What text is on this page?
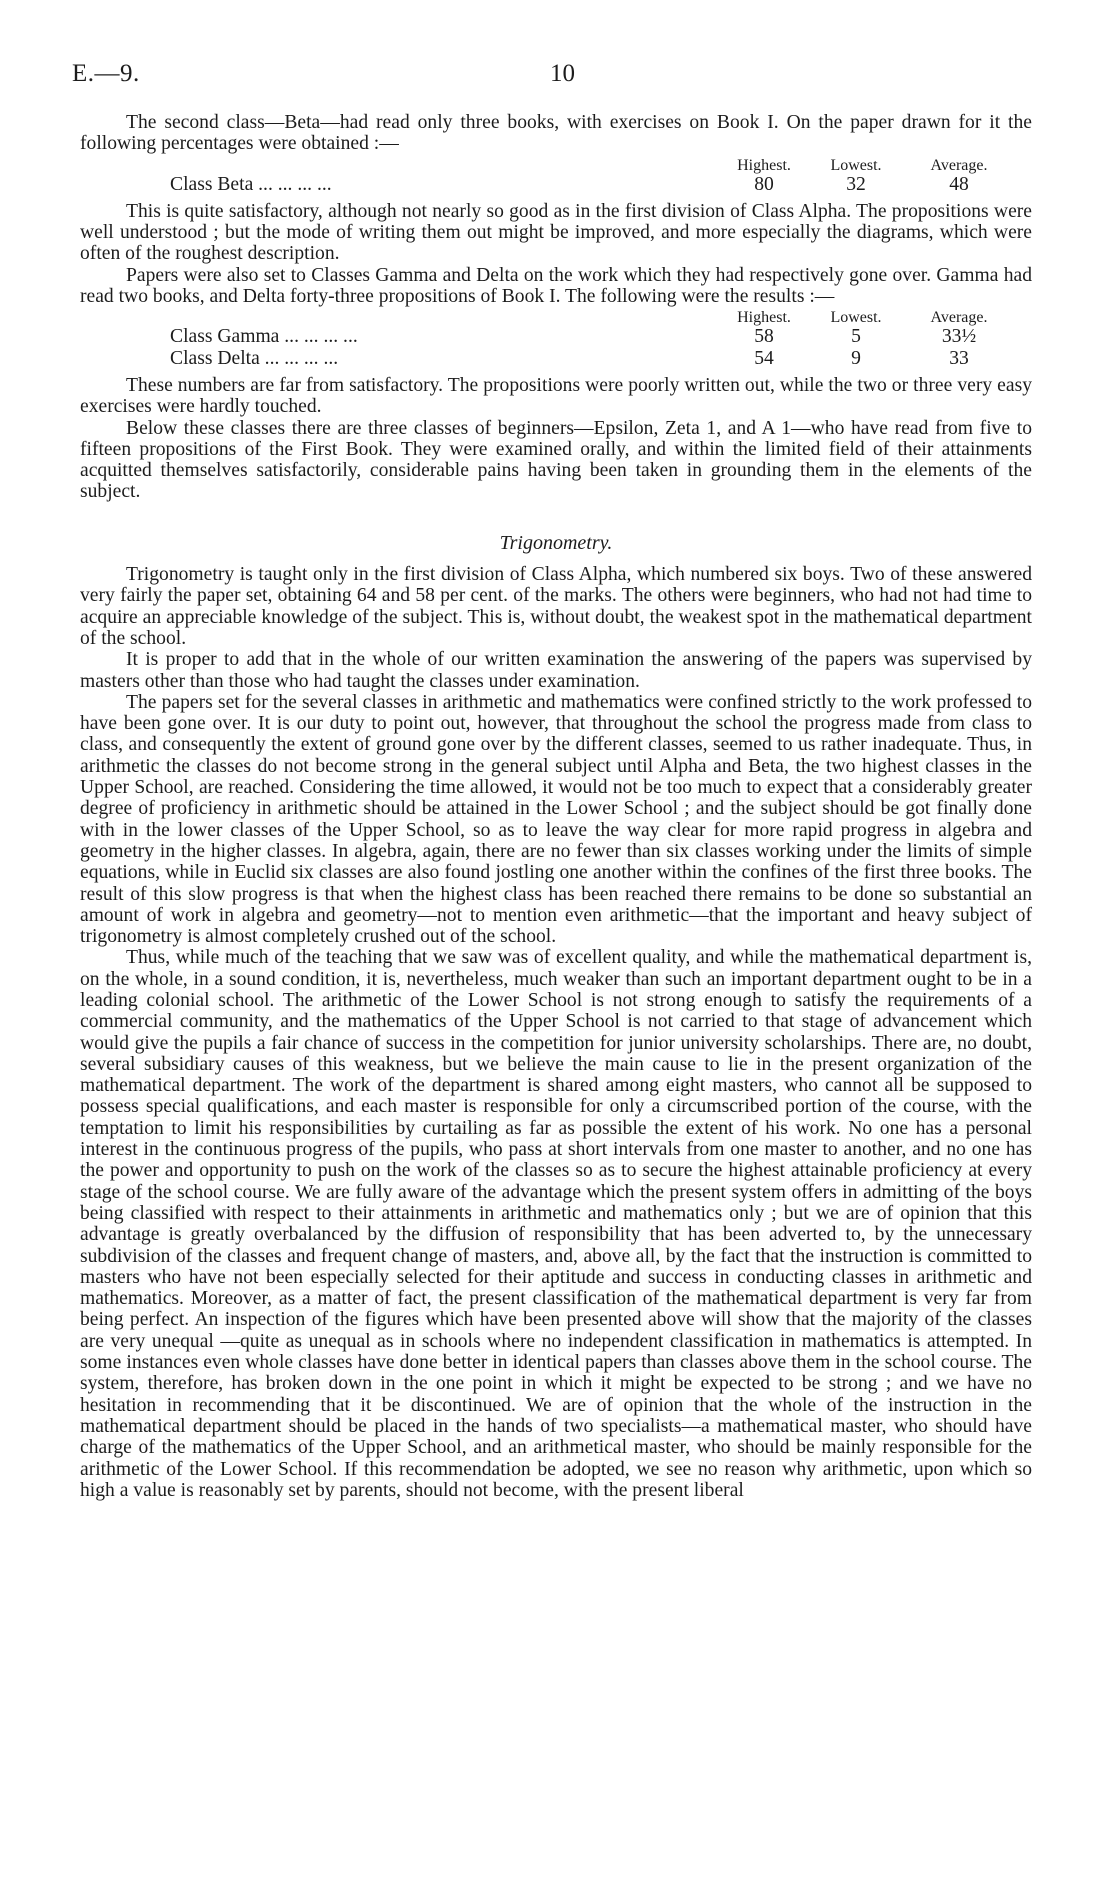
E.—9.	10

The second class—Beta—had read only three books, with exercises on Book I. On the paper drawn for it the following percentages were obtained :—

Highest.	Lowest.	Average.
Class Beta ... ... ... ...	80	32	48

This is quite satisfactory, although not nearly so good as in the first division of Class Alpha. The propositions were well understood ; but the mode of writing them out might be improved, and more especially the diagrams, which were often of the roughest description.

Papers were also set to Classes Gamma and Delta on the work which they had respectively gone over. Gamma had read two books, and Delta forty-three propositions of Book I. The following were the results :—

Highest.	Lowest.	Average.
Class Gamma ... ... ... ...	58	5	33½
Class Delta ... ... ... ...	54	9	33

These numbers are far from satisfactory. The propositions were poorly written out, while the two or three very easy exercises were hardly touched.

Below these classes there are three classes of beginners—Epsilon, Zeta 1, and A 1—who have read from five to fifteen propositions of the First Book. They were examined orally, and within the limited field of their attainments acquitted themselves satisfactorily, considerable pains having been taken in grounding them in the elements of the subject.

Trigonometry.

Trigonometry is taught only in the first division of Class Alpha, which numbered six boys. Two of these answered very fairly the paper set, obtaining 64 and 58 per cent. of the marks. The others were beginners, who had not had time to acquire an appreciable knowledge of the subject. This is, without doubt, the weakest spot in the mathematical department of the school.

It is proper to add that in the whole of our written examination the answering of the papers was supervised by masters other than those who had taught the classes under examination.

The papers set for the several classes in arithmetic and mathematics were confined strictly to the work professed to have been gone over. It is our duty to point out, however, that throughout the school the progress made from class to class, and consequently the extent of ground gone over by the different classes, seemed to us rather inadequate. Thus, in arithmetic the classes do not become strong in the general subject until Alpha and Beta, the two highest classes in the Upper School, are reached. Considering the time allowed, it would not be too much to expect that a considerably greater degree of proficiency in arithmetic should be attained in the Lower School ; and the subject should be got finally done with in the lower classes of the Upper School, so as to leave the way clear for more rapid progress in algebra and geometry in the higher classes. In algebra, again, there are no fewer than six classes working under the limits of simple equations, while in Euclid six classes are also found jostling one another within the confines of the first three books. The result of this slow progress is that when the highest class has been reached there remains to be done so substantial an amount of work in algebra and geometry—not to mention even arithmetic—that the important and heavy subject of trigonometry is almost completely crushed out of the school.

Thus, while much of the teaching that we saw was of excellent quality, and while the mathematical department is, on the whole, in a sound condition, it is, nevertheless, much weaker than such an important department ought to be in a leading colonial school. The arithmetic of the Lower School is not strong enough to satisfy the requirements of a commercial community, and the mathematics of the Upper School is not carried to that stage of advancement which would give the pupils a fair chance of success in the competition for junior university scholarships. There are, no doubt, several subsidiary causes of this weakness, but we believe the main cause to lie in the present organization of the mathematical department. The work of the department is shared among eight masters, who cannot all be supposed to possess special qualifications, and each master is responsible for only a circumscribed portion of the course, with the temptation to limit his responsibilities by curtailing as far as possible the extent of his work. No one has a personal interest in the continuous progress of the pupils, who pass at short intervals from one master to another, and no one has the power and opportunity to push on the work of the classes so as to secure the highest attainable proficiency at every stage of the school course. We are fully aware of the advantage which the present system offers in admitting of the boys being classified with respect to their attainments in arithmetic and mathematics only ; but we are of opinion that this advantage is greatly overbalanced by the diffusion of responsibility that has been adverted to, by the unnecessary subdivision of the classes and frequent change of masters, and, above all, by the fact that the instruction is committed to masters who have not been especially selected for their aptitude and success in conducting classes in arithmetic and mathematics. Moreover, as a matter of fact, the present classification of the mathematical department is very far from being perfect. An inspection of the figures which have been presented above will show that the majority of the classes are very unequal —quite as unequal as in schools where no independent classification in mathematics is attempted. In some instances even whole classes have done better in identical papers than classes above them in the school course. The system, therefore, has broken down in the one point in which it might be expected to be strong ; and we have no hesitation in recommending that it be discontinued. We are of opinion that the whole of the instruction in the mathematical department should be placed in the hands of two specialists—a mathematical master, who should have charge of the mathematics of the Upper School, and an arithmetical master, who should be mainly responsible for the arithmetic of the Lower School. If this recommendation be adopted, we see no reason why arithmetic, upon which so high a value is reasonably set by parents, should not become, with the present liberal
